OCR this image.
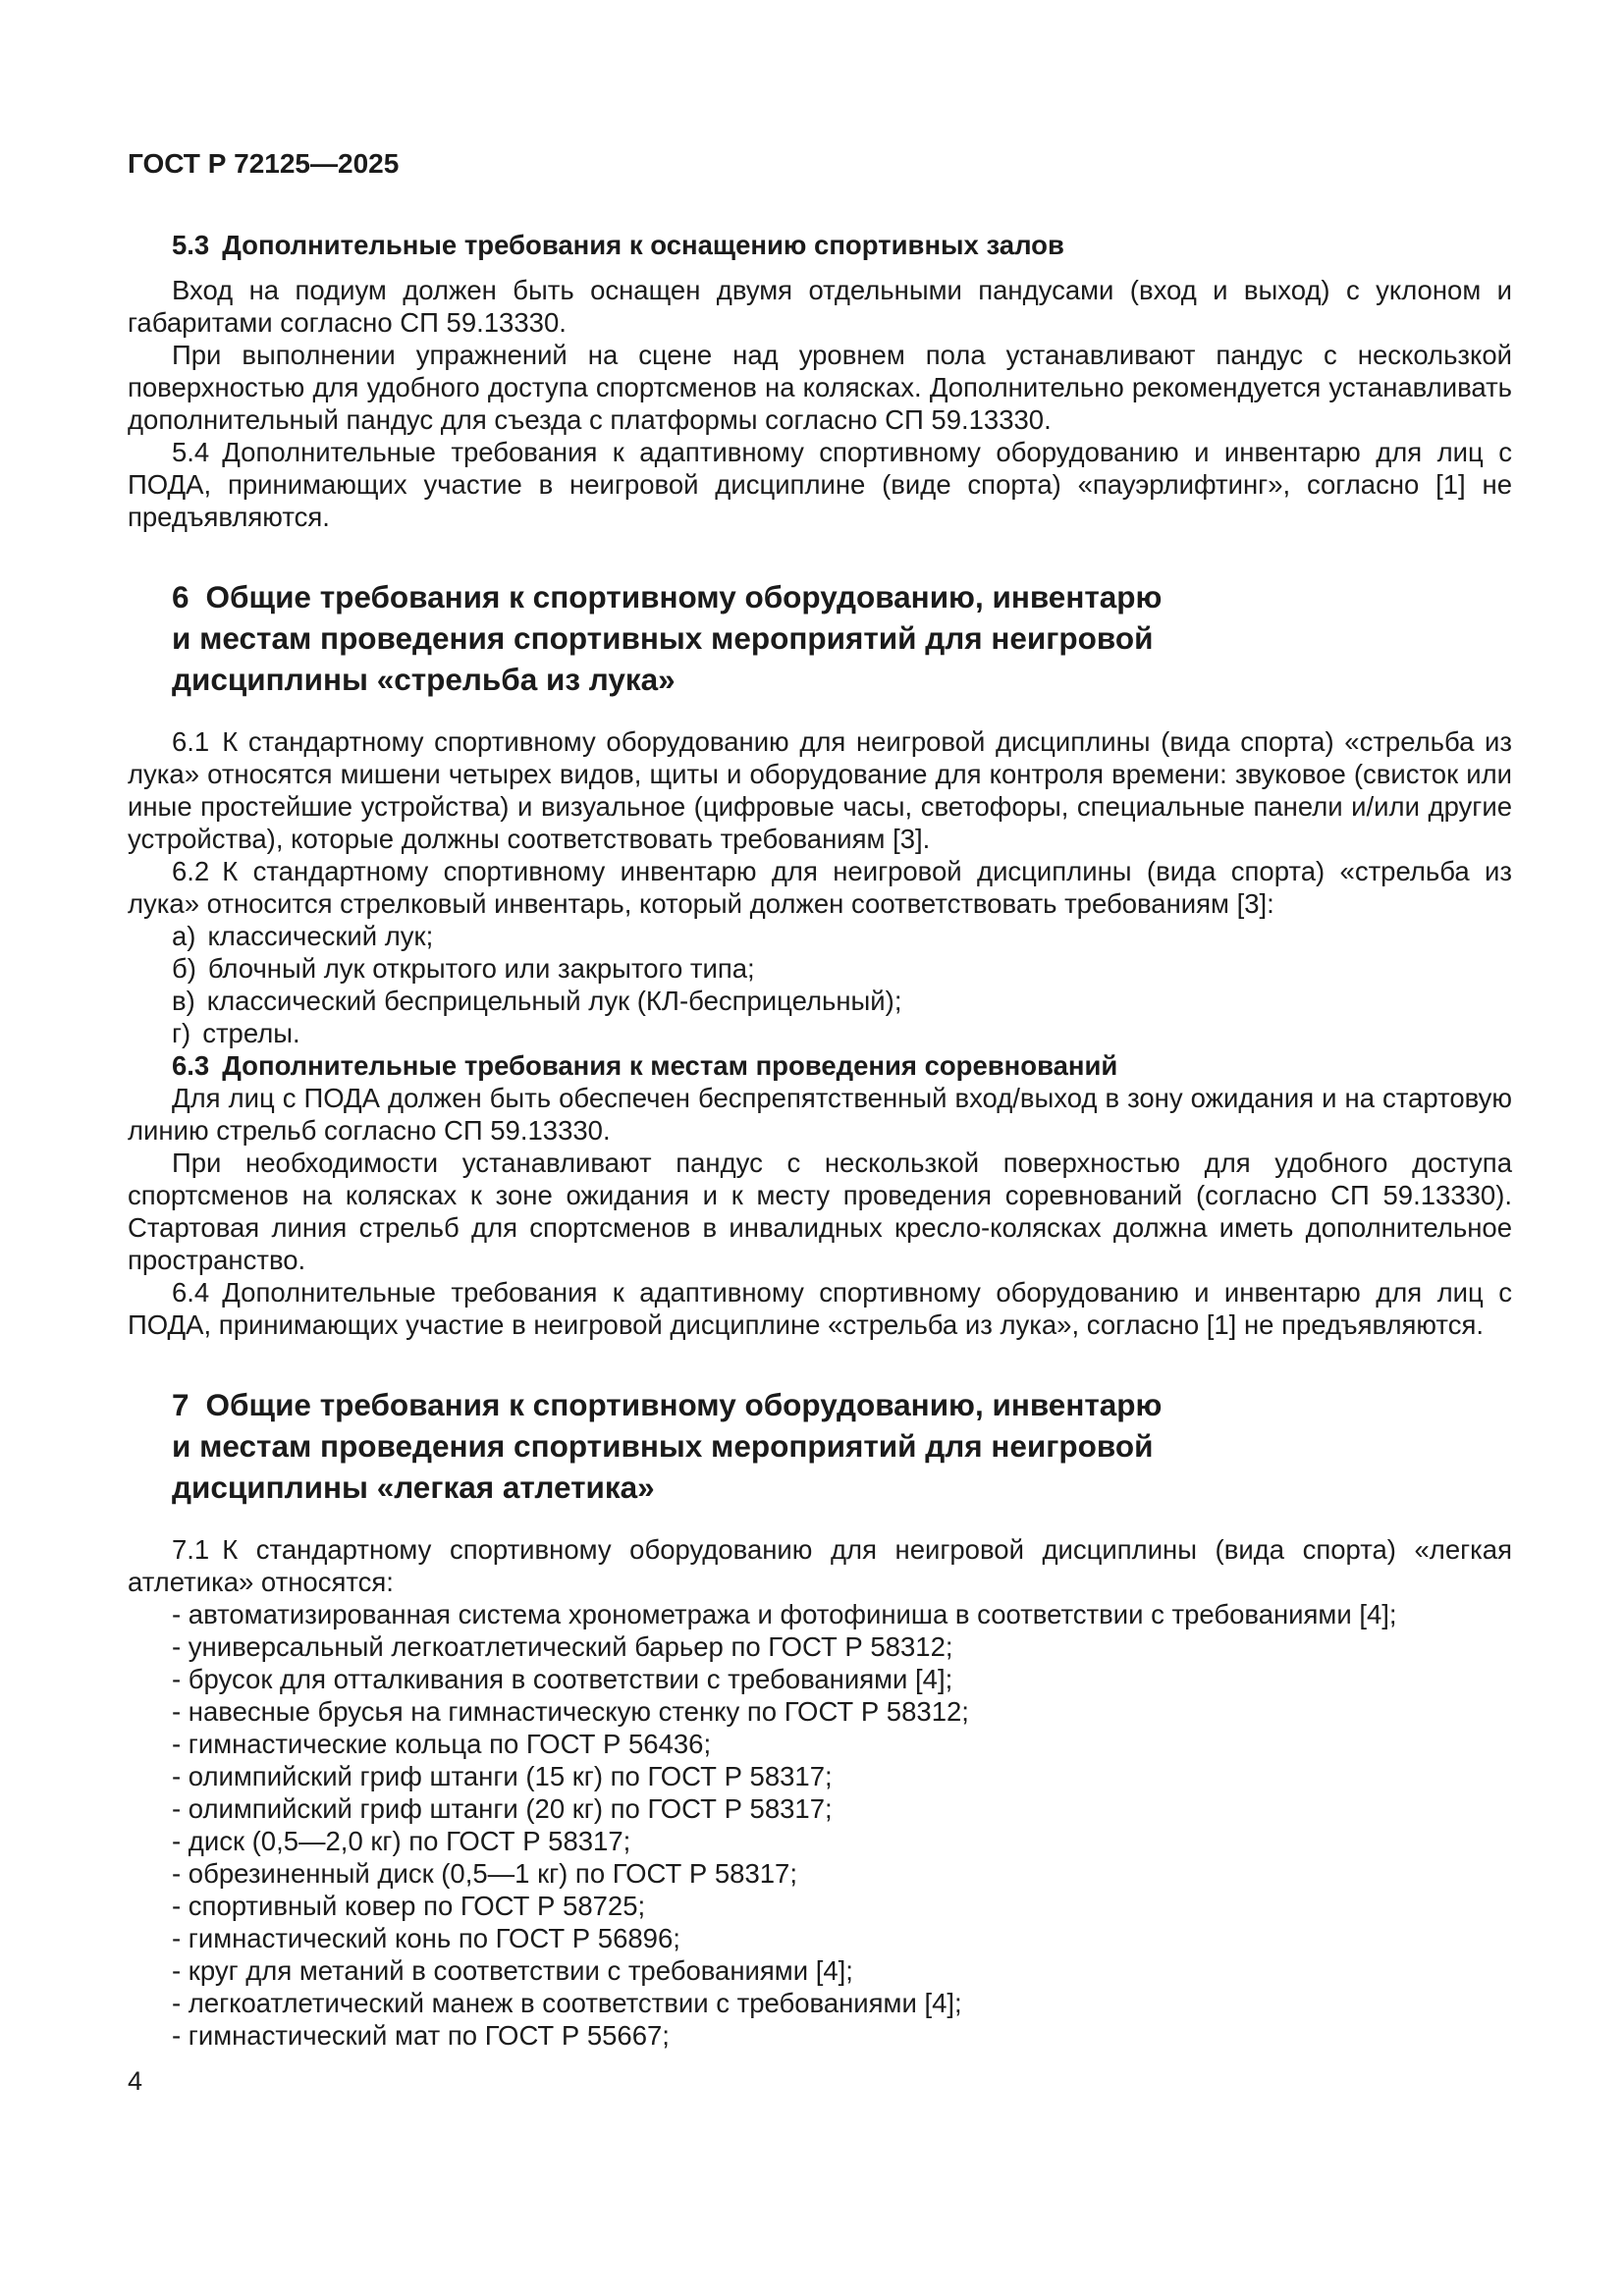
ГОСТ Р 72125—2025
5.3 Дополнительные требования к оснащению спортивных залов

Вход на подиум должен быть оснащен двумя отдельными пандусами (вход и выход) с уклоном и габаритами согласно СП 59.13330.

При выполнении упражнений на сцене над уровнем пола устанавливают пандус с нескользкой поверхностью для удобного доступа спортсменов на колясках. Дополнительно рекомендуется устанавливать дополнительный пандус для съезда с платформы согласно СП 59.13330.

5.4 Дополнительные требования к адаптивному спортивному оборудованию и инвентарю для лиц с ПОДА, принимающих участие в неигровой дисциплине (виде спорта) «пауэрлифтинг», согласно [1] не предъявляются.

6 Общие требования к спортивному оборудованию, инвентарю
и местам проведения спортивных мероприятий для неигровой
дисциплины «стрельба из лука»

6.1 К стандартному спортивному оборудованию для неигровой дисциплины (вида спорта) «стрельба из лука» относятся мишени четырех видов, щиты и оборудование для контроля времени: звуковое (свисток или иные простейшие устройства) и визуальное (цифровые часы, светофоры, специальные панели и/или другие устройства), которые должны соответствовать требованиям [3].

6.2 К стандартному спортивному инвентарю для неигровой дисциплины (вида спорта) «стрельба из лука» относится стрелковый инвентарь, который должен соответствовать требованиям [3]:

а) классический лук;
б) блочный лук открытого или закрытого типа;
в) классический бесприцельный лук (КЛ-бесприцельный);
г) стрелы.
6.3 Дополнительные требования к местам проведения соревнований

Для лиц с ПОДА должен быть обеспечен беспрепятственный вход/выход в зону ожидания и на стартовую линию стрельб согласно СП 59.13330.

При необходимости устанавливают пандус с нескользкой поверхностью для удобного доступа спортсменов на колясках к зоне ожидания и к месту проведения соревнований (согласно СП 59.13330). Стартовая линия стрельб для спортсменов в инвалидных кресло-колясках должна иметь дополнительное пространство.

6.4 Дополнительные требования к адаптивному спортивному оборудованию и инвентарю для лиц с ПОДА, принимающих участие в неигровой дисциплине «стрельба из лука», согласно [1] не предъявляются.

7 Общие требования к спортивному оборудованию, инвентарю
и местам проведения спортивных мероприятий для неигровой
дисциплины «легкая атлетика»

7.1 К стандартному спортивному оборудованию для неигровой дисциплины (вида спорта) «легкая атлетика» относятся:

- автоматизированная система хронометража и фотофиниша в соответствии с требованиями [4];
- универсальный легкоатлетический барьер по ГОСТ Р 58312;
- брусок для отталкивания в соответствии с требованиями [4];
- навесные брусья на гимнастическую стенку по ГОСТ Р 58312;
- гимнастические кольца по ГОСТ Р 56436;
- олимпийский гриф штанги (15 кг) по ГОСТ Р 58317;
- олимпийский гриф штанги (20 кг) по ГОСТ Р 58317;
- диск (0,5—2,0 кг) по ГОСТ Р 58317;
- обрезиненный диск (0,5—1 кг) по ГОСТ Р 58317;
- спортивный ковер по ГОСТ Р 58725;
- гимнастический конь по ГОСТ Р 56896;
- круг для метаний в соответствии с требованиями [4];
- легкоатлетический манеж в соответствии с требованиями [4];
- гимнастический мат по ГОСТ Р 55667;
4
